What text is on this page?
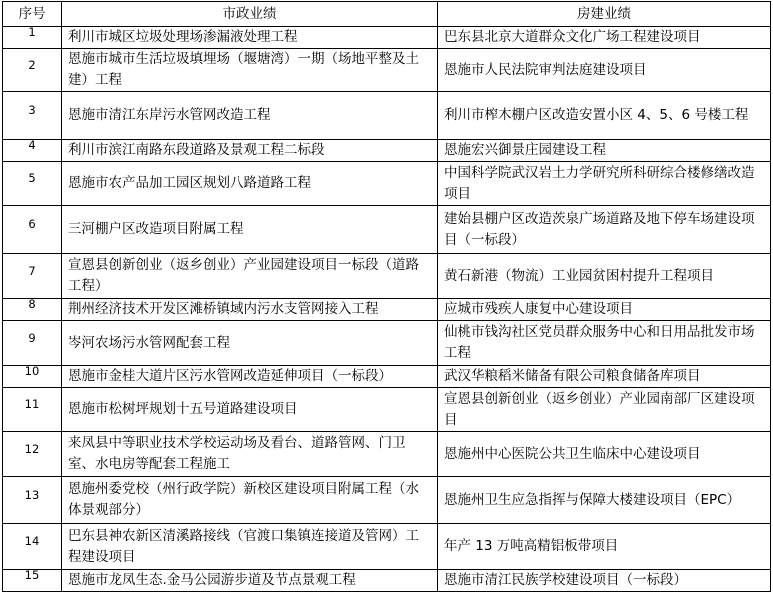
序号	市政业绩	房建业绩
1	利川市城区垃圾处理场渗漏液处理工程	巴东县北京大道群众文化广场工程建设项目
2	恩施市城市生活垃圾填埋场（堰塘湾）一期（场地平整及土建）工程	恩施市人民法院审判法庭建设项目
3	恩施市清江东岸污水管网改造工程	利川市榨木棚户区改造安置小区 4、5、6 号楼工程
4	利川市滨江南路东段道路及景观工程二标段	恩施宏兴御景庄园建设工程
5	恩施市农产品加工园区规划八路道路工程	中国科学院武汉岩土力学研究所科研综合楼修缮改造项目
6	三河棚户区改造项目附属工程	建始县棚户区改造茨泉广场道路及地下停车场建设项目（一标段）
7	宣恩县创新创业（返乡创业）产业园建设项目一标段（道路工程）	黄石新港（物流）工业园贫困村提升工程项目
8	荆州经济技术开发区滩桥镇域内污水支管网接入工程	应城市残疾人康复中心建设项目
9	岑河农场污水管网配套工程	仙桃市钱沟社区党员群众服务中心和日用品批发市场工程
10	恩施市金桂大道片区污水管网改造延伸项目（一标段）	武汉华粮稻米储备有限公司粮食储备库项目
11	恩施市松树坪规划十五号道路建设项目	宣恩县创新创业（返乡创业）产业园南部厂区建设项目
12	来凤县中等职业技术学校运动场及看台、道路管网、门卫室、水电房等配套工程施工	恩施州中心医院公共卫生临床中心建设项目
13	恩施州委党校（州行政学院）新校区建设项目附属工程（水体景观部分）	恩施州卫生应急指挥与保障大楼建设项目（EPC）
14	巴东县神农新区清溪路接线（官渡口集镇连接道及管网）工程建设项目	年产 13 万吨高精铝板带项目
15	恩施市龙凤生态.金马公园游步道及节点景观工程	恩施市清江民族学校建设项目（一标段）
